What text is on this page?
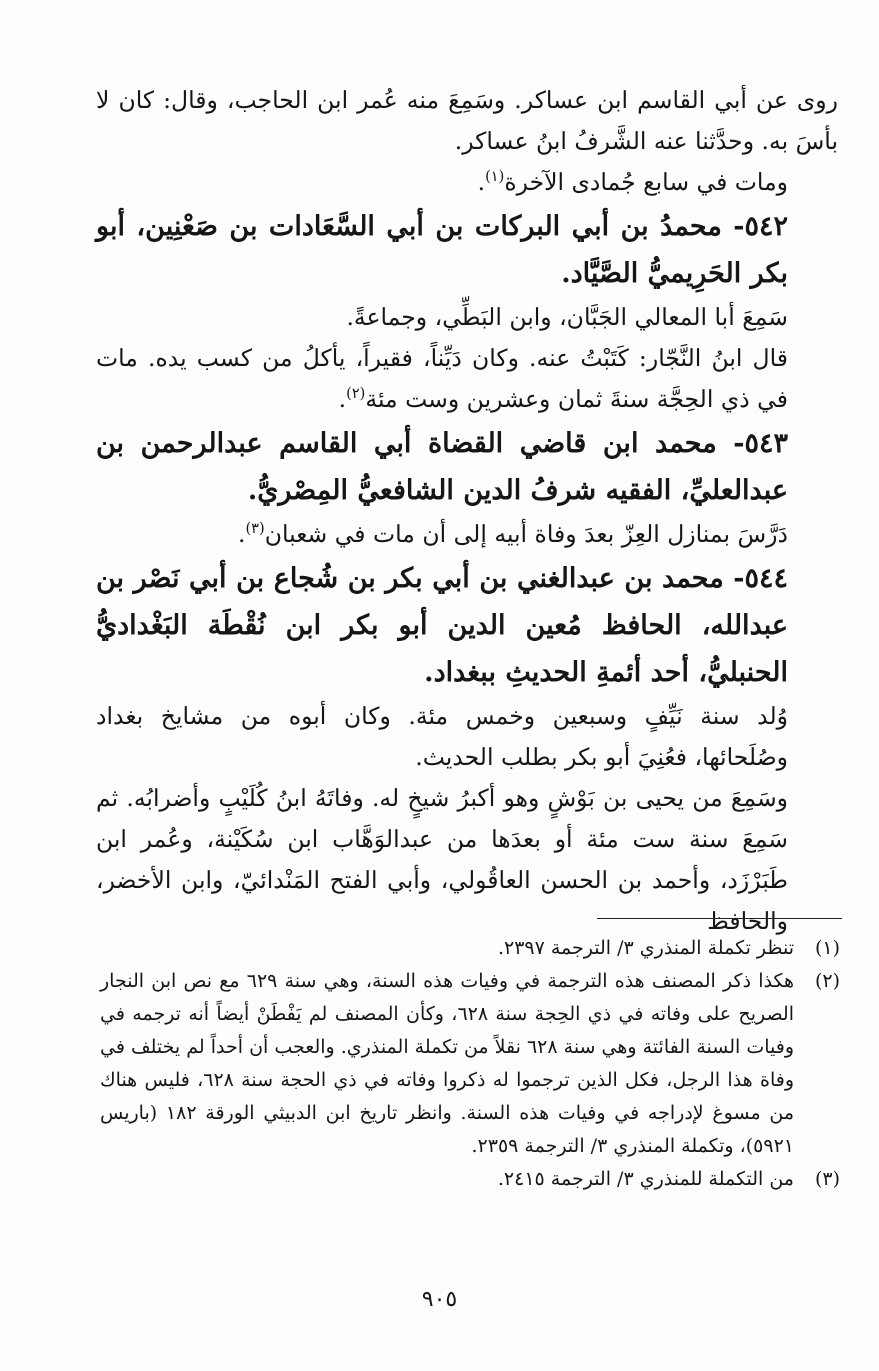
روى عن أبي القاسم ابن عساكر. وسَمِعَ منه عُمر ابن الحاجب، وقال: كان لا بأسَ به. وحدَّثنا عنه الشَّرفُ ابنُ عساكر.

ومات في سابع جُمادى الآخرة$^{(١)}$.

٥٤٢- محمدُ بن أبي البركات بن أبي السَّعَادات بن صَعْنِين، أبو بكر الحَرِيميُّ الصَّيَّاد.

سَمِعَ أبا المعالي الجَبَّان، وابن البَطِّي، وجماعةً.

قال ابنُ النَّجّار: كَتَبْتُ عنه. وكان دَيِّناً، فقيراً، يأكلُ من كسب يده. مات في ذي الحِجَّة سنةَ ثمان وعشرين وست مئة$^{(٢)}$.

٥٤٣- محمد ابن قاضي القضاة أبي القاسم عبدالرحمن بن عبدالعليِّ، الفقيه شرفُ الدين الشافعيُّ المِصْريُّ.

دَرَّسَ بمنازل العِزّ بعدَ وفاة أبيه إلى أن مات في شعبان$^{(٣)}$.

٥٤٤- محمد بن عبدالغني بن أبي بكر بن شُجاع بن أبي نَصْر بن عبدالله، الحافظ مُعين الدين أبو بكر ابن نُقْطَة البَغْداديُّ الحنبليُّ، أحد أئمةِ الحديثِ ببغداد.

وُلد سنة نَيِّفٍ وسبعين وخمس مئة. وكان أبوه من مشايخ بغداد وصُلَحائها، فعُنِيَ أبو بكر بطلب الحديث.

وسَمِعَ من يحيى بن بَوْشٍ وهو أكبرُ شيخٍ له. وفاتَهُ ابنُ كُلَيْبٍ وأضرابُه. ثم سَمِعَ سنة ست مئة أو بعدَها من عبدالوَهَّاب ابن سُكَيْنة، وعُمر ابن طَبَرْزَد، وأحمد بن الحسن العاقُولي، وأبي الفتح المَنْدائيّ، وابن الأخضر، والحافظ

(١)
تنظر تكملة المنذري ٣/ الترجمة ٢٣٩٧.
(٢)
هكذا ذكر المصنف هذه الترجمة في وفيات هذه السنة، وهي سنة ٦٢٩ مع نص ابن النجار الصريح على وفاته في ذي الحِجة سنة ٦٢٨، وكأن المصنف لم يَفْطَنْ أيضاً أنه ترجمه في وفيات السنة الفائتة وهي سنة ٦٢٨ نقلاً من تكملة المنذري. والعجب أن أحداً لم يختلف في وفاة هذا الرجل، فكل الذين ترجموا له ذكروا وفاته في ذي الحجة سنة ٦٢٨، فليس هناك من مسوغ لإدراجه في وفيات هذه السنة. وانظر تاريخ ابن الدبيثي الورقة ١٨٢ (باريس ٥٩٢١)، وتكملة المنذري ٣/ الترجمة ٢٣٥٩.
(٣)
من التكملة للمنذري ٣/ الترجمة ٢٤١٥.
٩٠٥
